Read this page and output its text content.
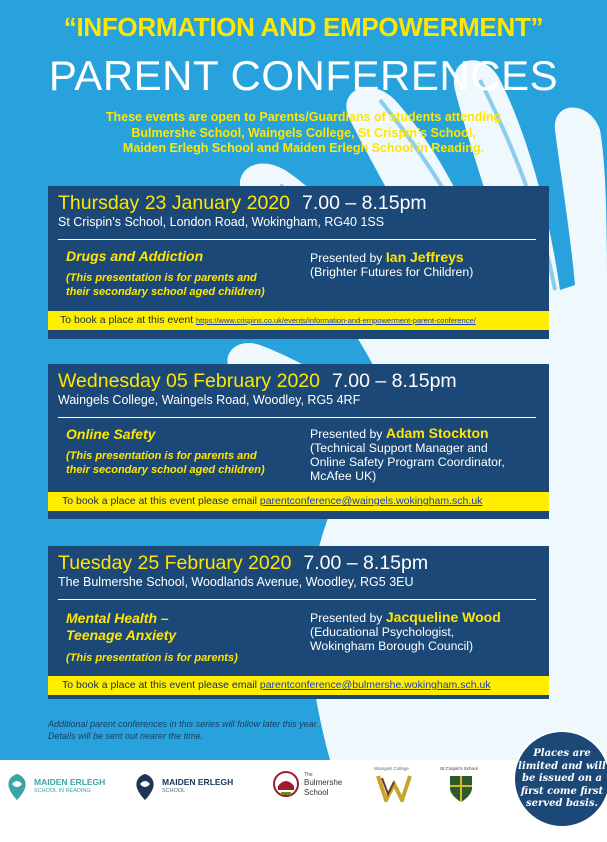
“INFORMATION AND EMPOWERMENT”
PARENT CONFERENCES
These events are open to Parents/Guardians of students attending
Bulmershe School, Waingels College, St Crispin’s School,
Maiden Erlegh School and Maiden Erlegh School in Reading.
Thursday 23 January 2020 7.00 – 8.15pm
St Crispin’s School, London Road, Wokingham, RG40 1SS
Drugs and Addiction
(This presentation is for parents and
their secondary school aged children)
Presented by Ian Jeffreys
(Brighter Futures for Children)
To book a place at this event https://www.crispins.co.uk/events/information-and-empowerment-parent-conference/
Wednesday 05 February 2020 7.00 – 8.15pm
Waingels College, Waingels Road, Woodley, RG5 4RF
Online Safety
(This presentation is for parents and
their secondary school aged children)
Presented by Adam Stockton
(Technical Support Manager and
Online Safety Program Coordinator,
McAfee UK)
To book a place at this event please email parentconference@waingels.wokingham.sch.uk
Tuesday 25 February 2020 7.00 – 8.15pm
The Bulmershe School, Woodlands Avenue, Woodley, RG5 3EU
Mental Health –
Teenage Anxiety
(This presentation is for parents)
Presented by Jacqueline Wood
(Educational Psychologist,
Wokingham Borough Council)
To book a place at this event please email parentconference@bulmershe.wokingham.sch.uk
Additional parent conferences in this series will follow later this year.
Details will be sent out nearer the time.
Places are
limited and will
be issued on a
first come first
served basis.
MAIDEN ERLEGH
SCHOOL IN READING
MAIDEN ERLEGH
SCHOOL
The
Bulmershe
School
Waingels College	St Crispin's School
